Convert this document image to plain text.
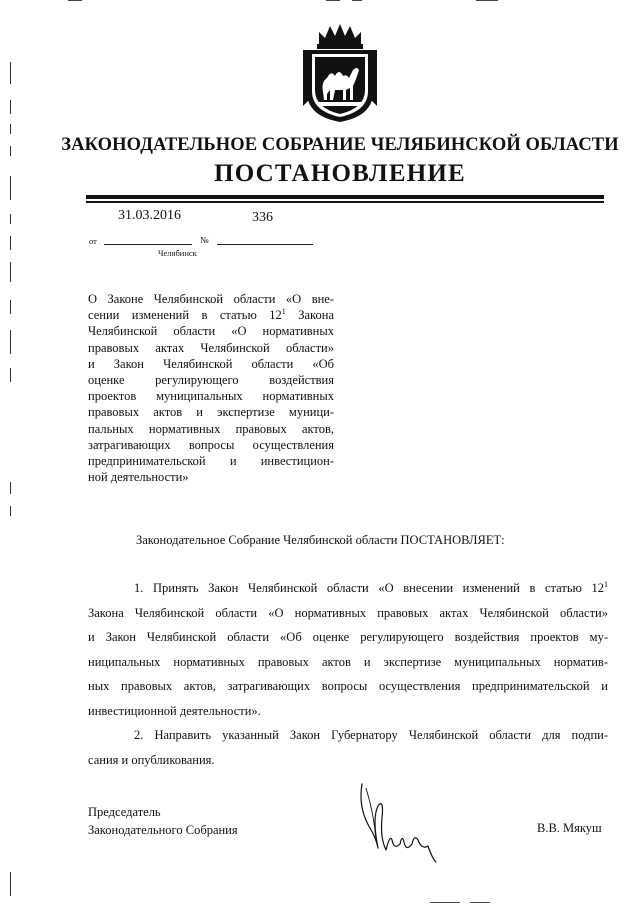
ЗАКОНОДАТЕЛЬНОЕ СОБРАНИЕ ЧЕЛЯБИНСКОЙ ОБЛАСТИ
ПОСТАНОВЛЕНИЕ
31.03.2016	336
от	№
Челябинск
О Законе Челябинской области «О вне-
сении изменений в статью $12^1$ Закона
Челябинской области «О нормативных
правовых актах Челябинской области»
и Закон Челябинской области «Об
оценке регулирующего воздействия
проектов муниципальных нормативных
правовых актов и экспертизе муници-
пальных нормативных правовых актов,
затрагивающих вопросы осуществления
предпринимательской и инвестицион-
ной деятельности»
Законодательное Собрание Челябинской области ПОСТАНОВЛЯЕТ:
1. Принять Закон Челябинской области «О внесении изменений в статью $12^1$
Закона Челябинской области «О нормативных правовых актах Челябинской области»
и Закон Челябинской области «Об оценке регулирующего воздействия проектов му-
ниципальных нормативных правовых актов и экспертизе муниципальных норматив-
ных правовых актов, затрагивающих вопросы осуществления предпринимательской и
инвестиционной деятельности».
2. Направить указанный Закон Губернатору Челябинской области для подпи-
сания и опубликования.
Председатель
Законодательного Собрания	В.В. Мякуш
